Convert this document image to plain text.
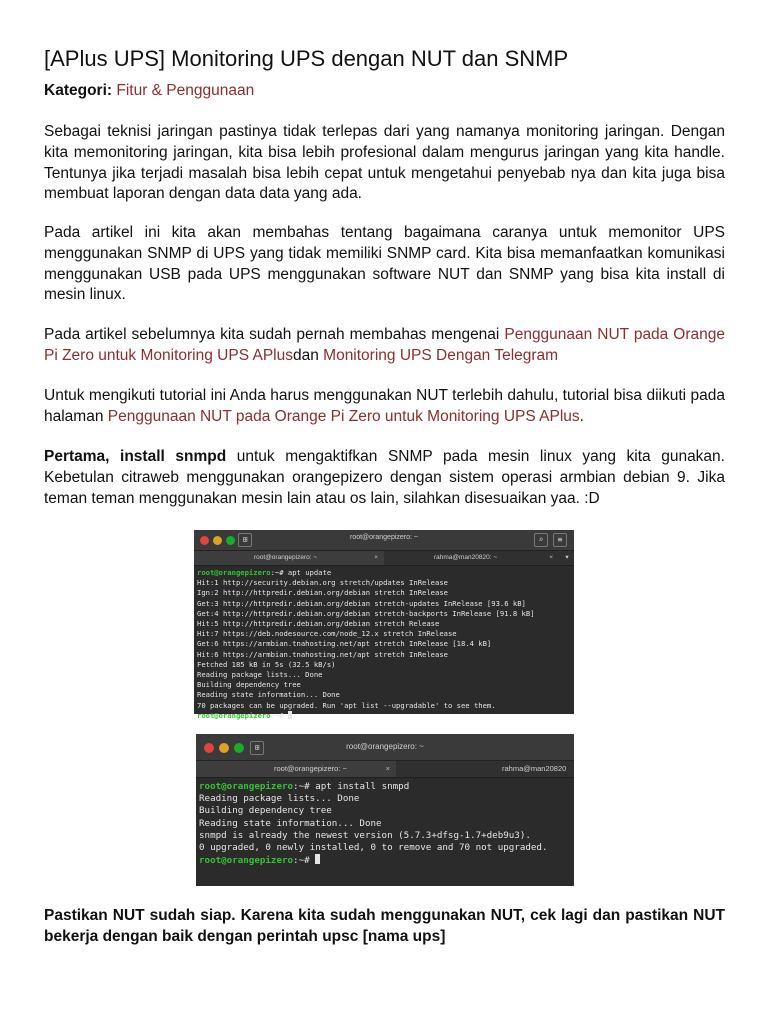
[APlus UPS] Monitoring UPS dengan NUT dan SNMP
Kategori: Fitur & Penggunaan

Sebagai teknisi jaringan pastinya tidak terlepas dari yang namanya monitoring jaringan. Dengan kita memonitoring jaringan, kita bisa lebih profesional dalam mengurus jaringan yang kita handle. Tentunya jika terjadi masalah bisa lebih cepat untuk mengetahui penyebab nya dan kita juga bisa membuat laporan dengan data data yang ada.

Pada artikel ini kita akan membahas tentang bagaimana caranya untuk memonitor UPS menggunakan SNMP di UPS yang tidak memiliki SNMP card. Kita bisa memanfaatkan komunikasi menggunakan USB pada UPS menggunakan software NUT dan SNMP yang bisa kita install di mesin linux.

Pada artikel sebelumnya kita sudah pernah membahas mengenai Penggunaan NUT pada Orange Pi Zero untuk Monitoring UPS APlusdan Monitoring UPS Dengan Telegram

Untuk mengikuti tutorial ini Anda harus menggunakan NUT terlebih dahulu, tutorial bisa diikuti pada halaman Penggunaan NUT pada Orange Pi Zero untuk Monitoring UPS APlus.

Pertama, install snmpd untuk mengaktifkan SNMP pada mesin linux yang kita gunakan. Kebetulan citraweb menggunakan orangepizero dengan sistem operasi armbian debian 9. Jika teman teman menggunakan mesin lain atau os lain, silahkan disesuaikan yaa. :D

⊞	root@orangepizero: ~	⌕	≡
root@orangepizero: ~	×	rahma@man20820: ~	×	▾
root@orangepizero:~# apt update
Hit:1 http://security.debian.org stretch/updates InRelease
Ign:2 http://httpredir.debian.org/debian stretch InRelease
Get:3 http://httpredir.debian.org/debian stretch-updates InRelease [93.6 kB]
Get:4 http://httpredir.debian.org/debian stretch-backports InRelease [91.8 kB]
Hit:5 http://httpredir.debian.org/debian stretch Release
Hit:7 https://deb.nodesource.com/node_12.x stretch InRelease
Get:6 https://armbian.tnahosting.net/apt stretch InRelease [18.4 kB]
Hit:6 https://armbian.tnahosting.net/apt stretch InRelease
Fetched 185 kB in 5s (32.5 kB/s)
Reading package lists... Done
Building dependency tree
Reading state information... Done
70 packages can be upgraded. Run 'apt list --upgradable' to see them.
root@orangepizero:~#
⊞	root@orangepizero: ~
root@orangepizero: ~	×	rahma@man20820
root@orangepizero:~# apt install snmpd
Reading package lists... Done
Building dependency tree
Reading state information... Done
snmpd is already the newest version (5.7.3+dfsg-1.7+deb9u3).
0 upgraded, 0 newly installed, 0 to remove and 70 not upgraded.
root@orangepizero:~#

Pastikan NUT sudah siap. Karena kita sudah menggunakan NUT, cek lagi dan pastikan NUT bekerja dengan baik dengan perintah upsc [nama ups]
